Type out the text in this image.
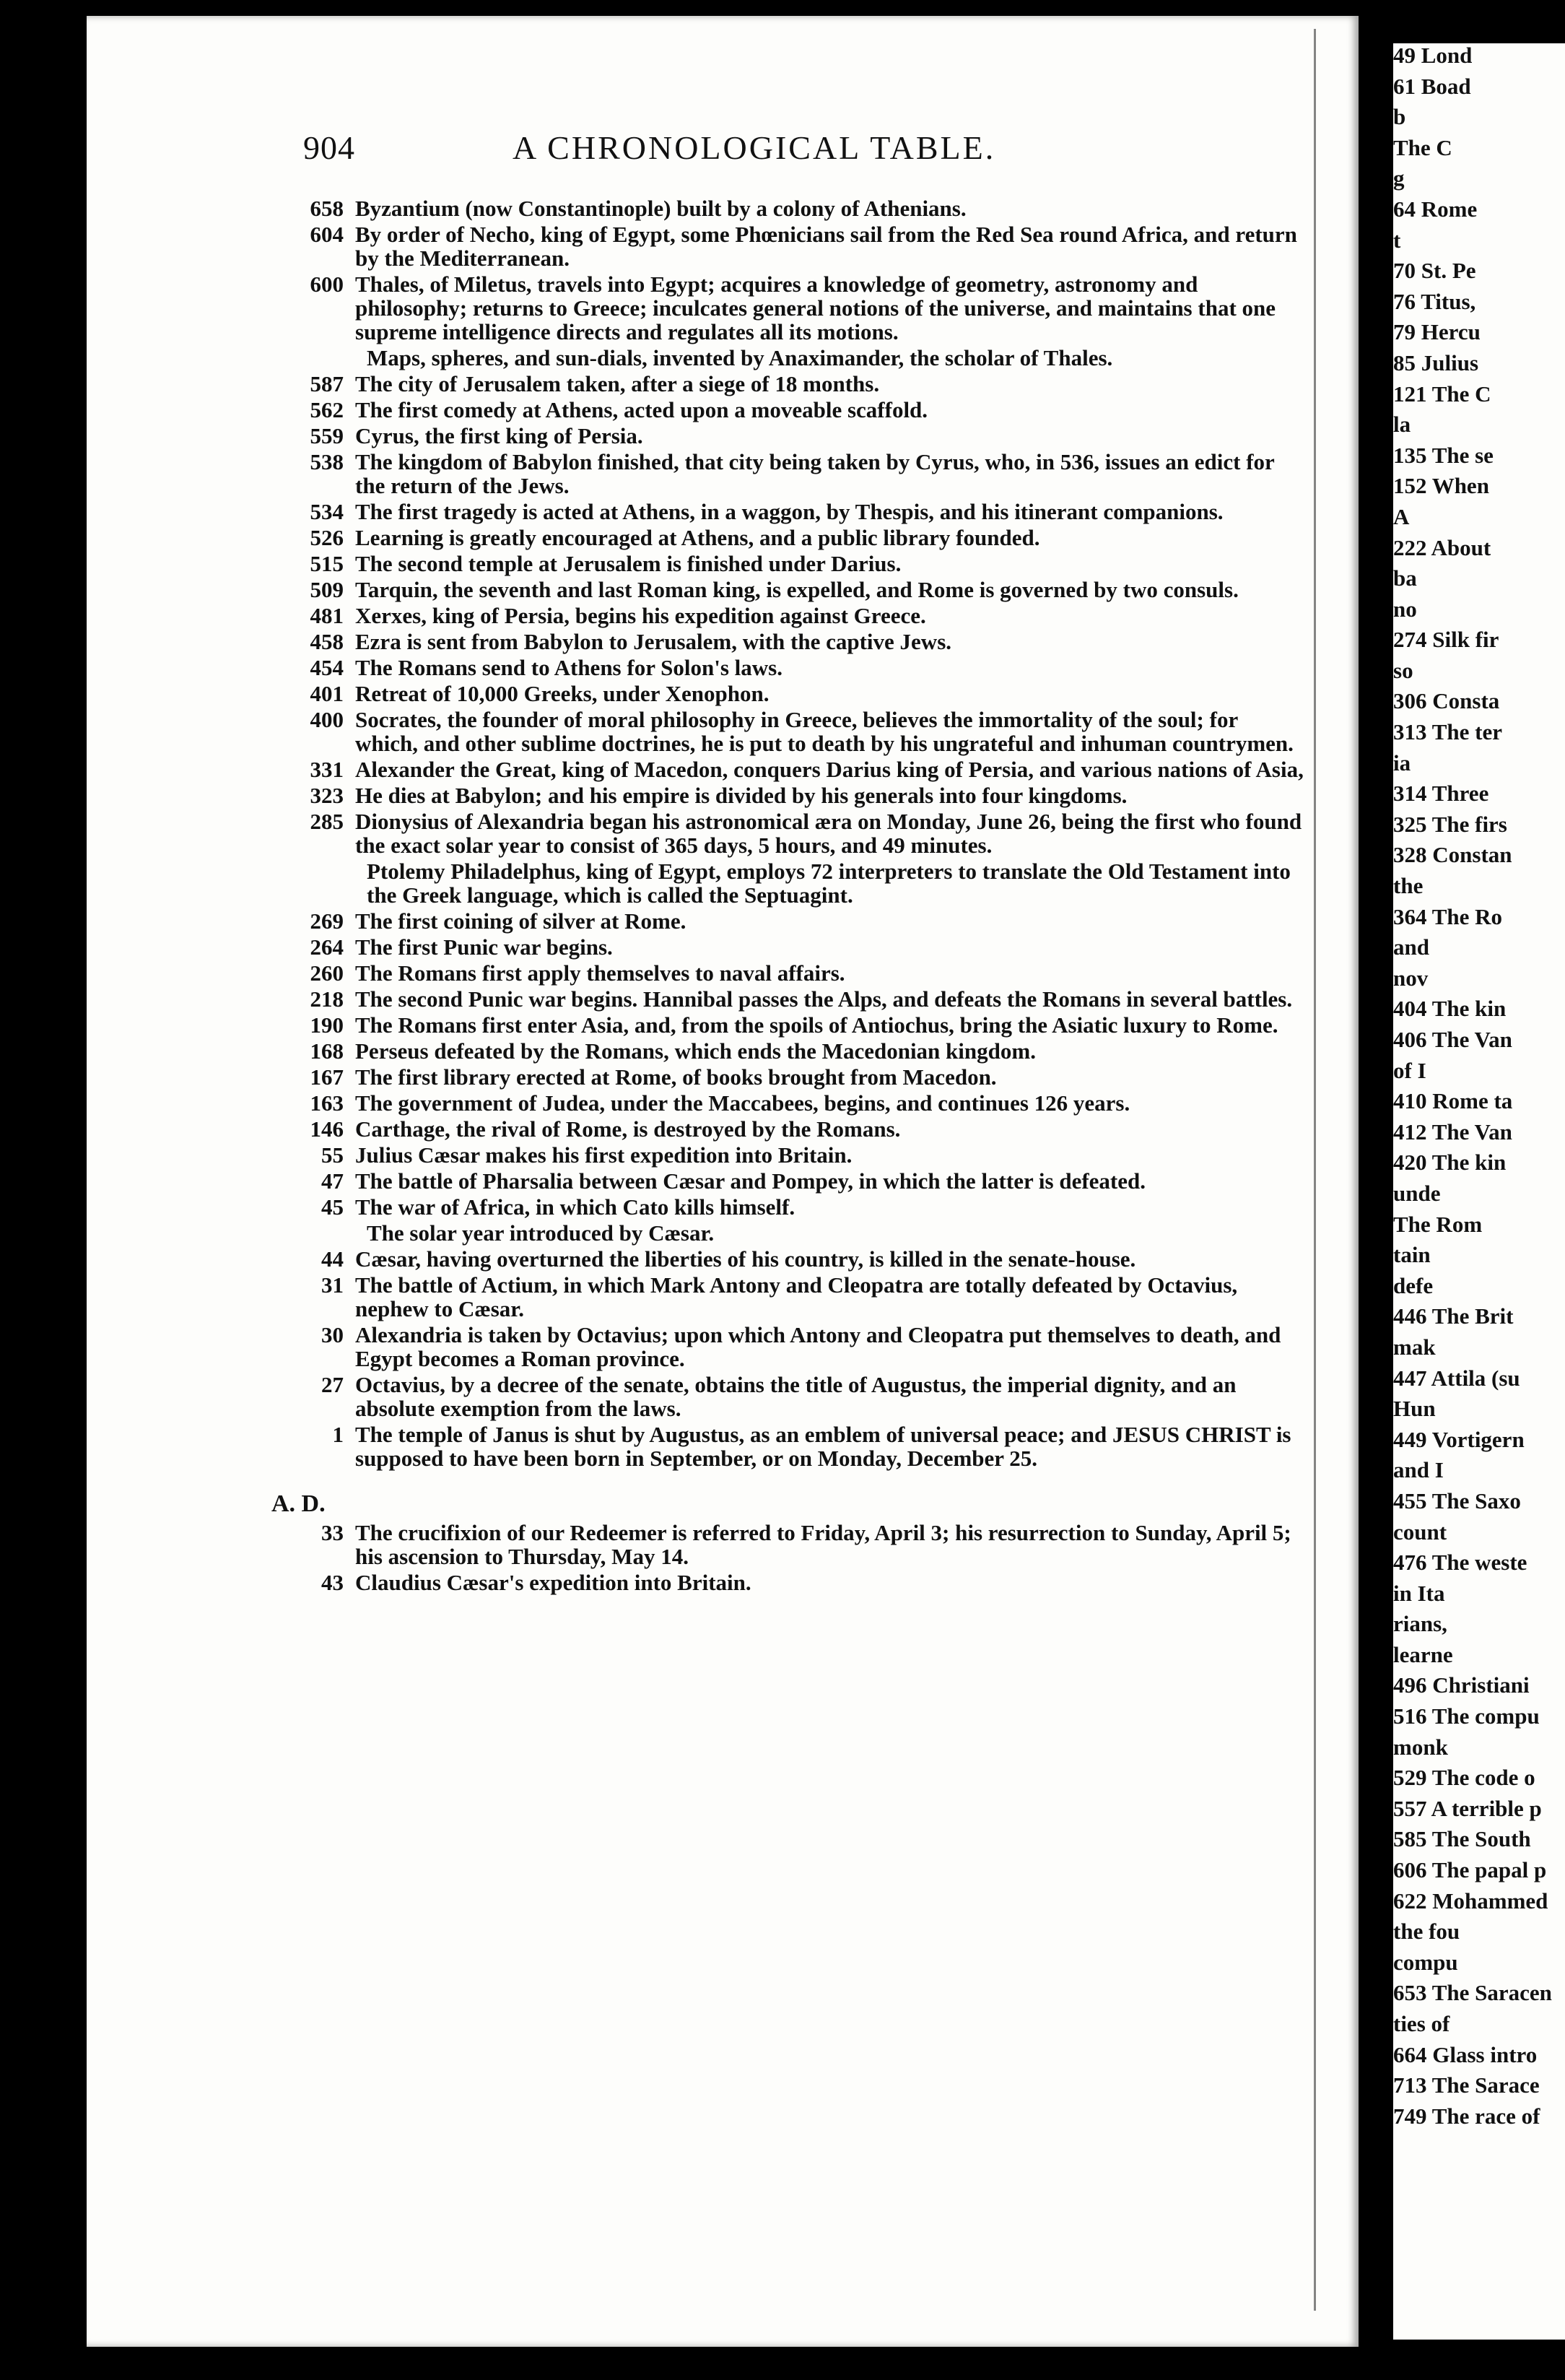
904	A CHRONOLOGICAL TABLE.
658 Byzantium (now Constantinople) built by a colony of Athenians.
604 By order of Necho, king of Egypt, some Phœnicians sail from the Red Sea round Africa, and return by the Mediterranean.
600 Thales, of Miletus, travels into Egypt; acquires a knowledge of geometry, astronomy and philosophy; returns to Greece; inculcates general notions of the universe, and maintains that one supreme intelligence directs and regulates all its motions.
Maps, spheres, and sun-dials, invented by Anaximander, the scholar of Thales.
587 The city of Jerusalem taken, after a siege of 18 months.
562 The first comedy at Athens, acted upon a moveable scaffold.
559 Cyrus, the first king of Persia.
538 The kingdom of Babylon finished, that city being taken by Cyrus, who, in 536, issues an edict for the return of the Jews.
534 The first tragedy is acted at Athens, in a waggon, by Thespis, and his itinerant companions.
526 Learning is greatly encouraged at Athens, and a public library founded.
515 The second temple at Jerusalem is finished under Darius.
509 Tarquin, the seventh and last Roman king, is expelled, and Rome is governed by two consuls.
481 Xerxes, king of Persia, begins his expedition against Greece.
458 Ezra is sent from Babylon to Jerusalem, with the captive Jews.
454 The Romans send to Athens for Solon's laws.
401 Retreat of 10,000 Greeks, under Xenophon.
400 Socrates, the founder of moral philosophy in Greece, believes the immortality of the soul; for which, and other sublime doctrines, he is put to death by his ungrateful and inhuman countrymen.
331 Alexander the Great, king of Macedon, conquers Darius king of Persia, and various nations of Asia,
323 He dies at Babylon; and his empire is divided by his generals into four kingdoms.
285 Dionysius of Alexandria began his astronomical æra on Monday, June 26, being the first who found the exact solar year to consist of 365 days, 5 hours, and 49 minutes.
Ptolemy Philadelphus, king of Egypt, employs 72 interpreters to translate the Old Testament into the Greek language, which is called the Septuagint.
269 The first coining of silver at Rome.
264 The first Punic war begins.
260 The Romans first apply themselves to naval affairs.
218 The second Punic war begins. Hannibal passes the Alps, and defeats the Romans in several battles.
190 The Romans first enter Asia, and, from the spoils of Antiochus, bring the Asiatic luxury to Rome.
168 Perseus defeated by the Romans, which ends the Macedonian kingdom.
167 The first library erected at Rome, of books brought from Macedon.
163 The government of Judea, under the Maccabees, begins, and continues 126 years.
146 Carthage, the rival of Rome, is destroyed by the Romans.
55 Julius Cæsar makes his first expedition into Britain.
47 The battle of Pharsalia between Cæsar and Pompey, in which the latter is defeated.
45 The war of Africa, in which Cato kills himself.
The solar year introduced by Cæsar.
44 Cæsar, having overturned the liberties of his country, is killed in the senate-house.
31 The battle of Actium, in which Mark Antony and Cleopatra are totally defeated by Octavius, nephew to Cæsar.
30 Alexandria is taken by Octavius; upon which Antony and Cleopatra put themselves to death, and Egypt becomes a Roman province.
27 Octavius, by a decree of the senate, obtains the title of Augustus, the imperial dignity, and an absolute exemption from the laws.
1 The temple of Janus is shut by Augustus, as an emblem of universal peace; and JESUS CHRIST is supposed to have been born in September, or on Monday, December 25.
A. D.
33 The crucifixion of our Redeemer is referred to Friday, April 3; his resurrection to Sunday, April 5; his ascension to Thursday, May 14.
43 Claudius Cæsar's expedition into Britain.
49 Lond
61 Boad
b
The C
g
64 Rome
t
70 St. Pe
76 Titus,
79 Hercu
85 Julius
121 The C
la
135 The se
152 When
A
222 About
ba
no
274 Silk fir
so
306 Consta
313 The ter
ia
314 Three
325 The firs
328 Constan
the
364 The Ro
and
nov
404 The kin
406 The Van
of I
410 Rome ta
412 The Van
420 The kin
unde
The Rom
tain
defe
446 The Brit
mak
447 Attila (su
Hun
449 Vortigern
and I
455 The Saxo
count
476 The weste
in Ita
rians,
learne
496 Christiani
516 The compu
monk
529 The code o
557 A terrible p
585 The South
606 The papal p
622 Mohammed
the fou
compu
653 The Saracen
ties of
664 Glass intro
713 The Sarace
749 The race of
